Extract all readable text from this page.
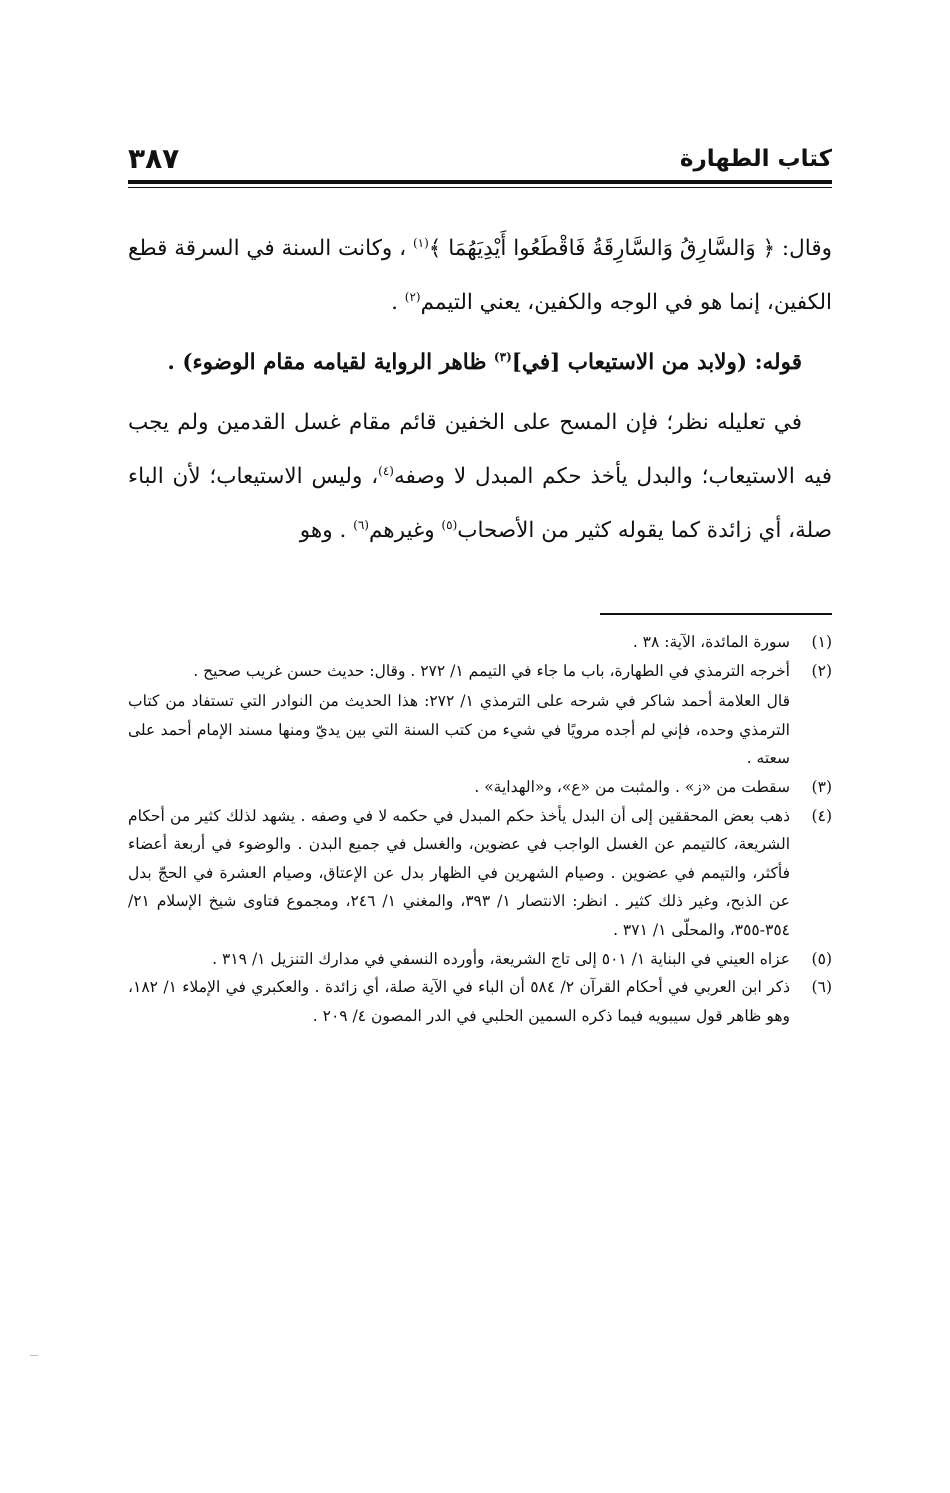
كتاب الطهارة
٣٨٧

وقال: ﴿ وَالسَّارِقُ وَالسَّارِقَةُ فَاقْطَعُوا أَيْدِيَهُمَا ﴾$^{(١)}$ ، وكانت السنة في السرقة قطع الكفين، إنما هو في الوجه والكفين، يعني التيمم$^{(٢)}$ .

قوله: (ولابد من الاستيعاب [في]$^{(٣)}$ ظاهر الرواية لقيامه مقام الوضوء) .

في تعليله نظر؛ فإن المسح على الخفين قائم مقام غسل القدمين ولم يجب فيه الاستيعاب؛ والبدل يأخذ حكم المبدل لا وصفه$^{(٤)}$، وليس الاستيعاب؛ لأن الباء صلة، أي زائدة كما يقوله كثير من الأصحاب$^{(٥)}$ وغيرهم$^{(٦)}$ . وهو

(١)

سورة المائدة، الآية: ٣٨ .

(٢)

أخرجه الترمذي في الطهارة، باب ما جاء في التيمم ١/ ٢٧٢ . وقال: حديث حسن غريب صحيح .

قال العلامة أحمد شاكر في شرحه على الترمذي ١/ ٢٧٢: هذا الحديث من النوادر التي تستفاد من كتاب الترمذي وحده، فإني لم أجده مرويًا في شيء من كتب السنة التي بين يديّ ومنها مسند الإمام أحمد على سعته .

(٣)

سقطت من «ز» . والمثبت من «ع»، و«الهداية» .

(٤)

ذهب بعض المحققين إلى أن البدل يأخذ حكم المبدل في حكمه لا في وصفه . يشهد لذلك كثير من أحكام الشريعة، كالتيمم عن الغسل الواجب في عضوين، والغسل في جميع البدن . والوضوء في أربعة أعضاء فأكثر، والتيمم في عضوين . وصيام الشهرين في الظهار بدل عن الإعتاق، وصيام العشرة في الحجّ بدل عن الذبح، وغير ذلك كثير . انظر: الانتصار ١/ ٣٩٣، والمغني ١/ ٢٤٦، ومجموع فتاوى شيخ الإسلام ٢١/ ٣٥٤-٣٥٥، والمحلّى ١/ ٣٧١ .

(٥)

عزاه العيني في البناية ١/ ٥٠١ إلى تاج الشريعة، وأورده النسفي في مدارك التنزيل ١/ ٣١٩ .

(٦)

ذكر ابن العربي في أحكام القرآن ٢/ ٥٨٤ أن الباء في الآية صلة، أي زائدة . والعكبري في الإملاء ١/ ١٨٢، وهو ظاهر قول سيبويه فيما ذكره السمين الحلبي في الدر المصون ٤/ ٢٠٩ .
